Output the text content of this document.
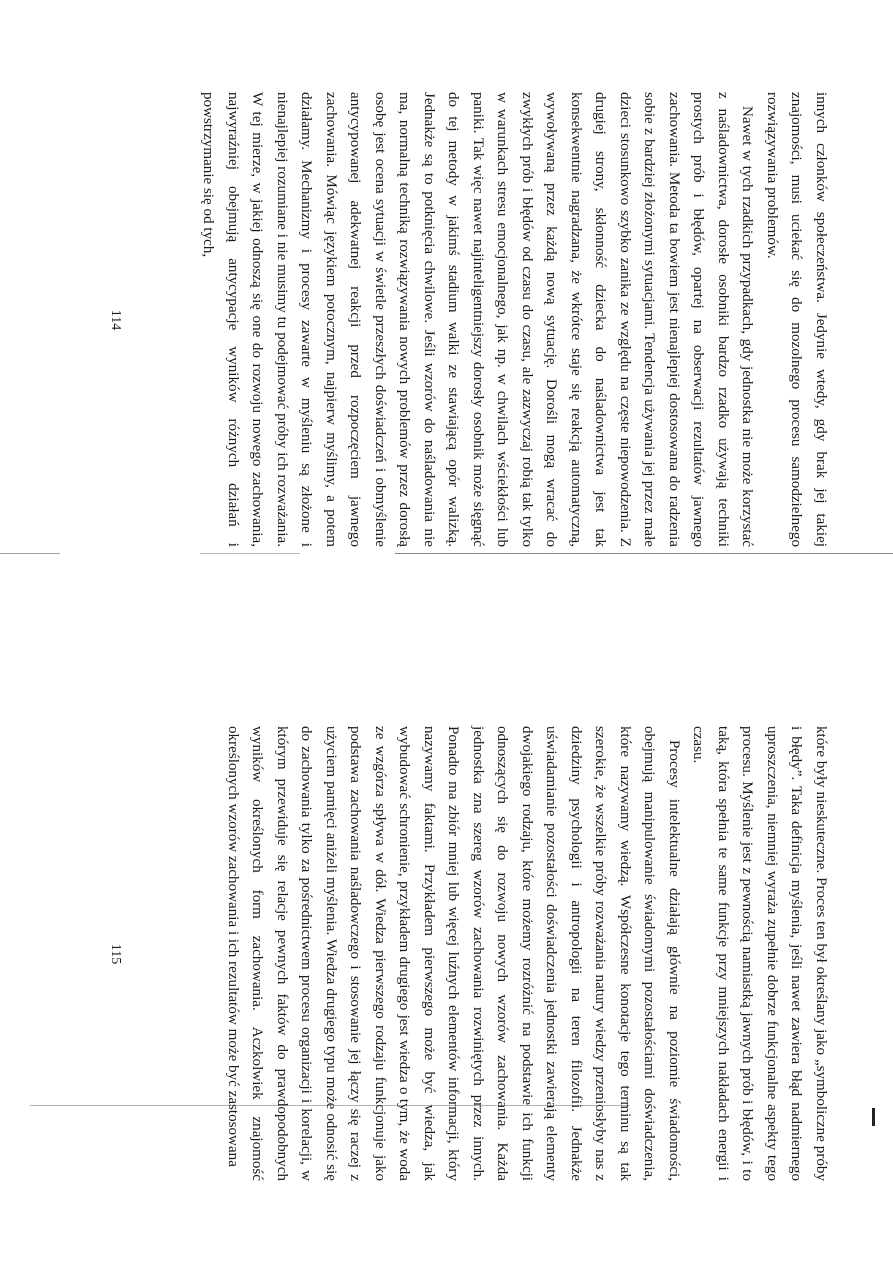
innych członków społeczeństwa. Jedynie wtedy, gdy brak jej takiej znajomości, musi uciekać się do mozolnego procesu samodzielnego rozwiązywania problemów.

Nawet w tych rzadkich przypadkach, gdy jednostka nie może korzystać z naśladownictwa, dorosłe osobniki bardzo rzadko używają techniki prostych prób i błędów, opartej na obserwacji rezultatów jawnego zachowania. Metoda ta bowiem jest nienajlepiej dostosowana do radzenia sobie z bardziej złożonymi sytuacjami. Tendencja używania jej przez małe dzieci stosunkowo szybko zanika ze względu na częste niepowodzenia. Z drugiej strony, skłonność dziecka do naśladownictwa jest tak konsekwentnie nagradzana, że wkrótce staje się reakcją automatyczną, wywoływaną przez każdą nową sytuację. Dorośli mogą wracać do zwykłych prób i błędów od czasu do czasu, ale zazwyczaj robią tak tylko w warunkach stresu emocjonalnego, jak np. w chwilach wściekłości lub paniki. Tak więc nawet najinteligentniejszy dorosły osobnik może sięgnąć do tej metody w jakimś stadium walki ze stawiającą opór walizką. Jednakże są to potknięcia chwilowe. Jeśli wzorów do naśladowania nie ma, normalną techniką rozwiązywania nowych problemów przez dorosłą osobę jest ocena sytuacji w świetle przeszłych doświadczeń i obmyślenie antycypowanej adekwatnej reakcji przed rozpoczęciem jawnego zachowania. Mówiąc językiem potocznym, najpierw myślimy, a potem działamy. Mechanizmy i procesy zawarte w myśleniu są złożone i nienajlepiej rozumiane i nie musimy tu podejmować próby ich rozważania. W tej mierze, w jakiej odnoszą się one do rozwoju nowego zachowania, najwyraźniej obejmują antycypacje wyników różnych działań i powstrzymanie się od tych,

114

które były nieskuteczne. Proces ten był określany jako „symboliczne próby i błędy”. Taka definicja myślenia, jeśli nawet zawiera błąd nadmiernego uproszczenia, niemniej wyraża zupełnie dobrze funkcjonalne aspekty tego procesu. Myślenie jest z pewnością namiastką jawnych prób i błędów, i to taką, która spełnia te same funkcje przy mniejszych nakładach energii i czasu.

Procesy intelektualne działają głównie na poziomie świadomości, obejmują manipulowanie świadomymi pozostałościami doświadczenia, które nazywamy wiedzą. Współczesne konotacje tego terminu są tak szerokie, że wszelkie próby rozważania natury wiedzy przeniosłyby nas z dziedziny psychologii i antropologii na teren filozofii. Jednakże uświadamianie pozostałości doświadczenia jednostki zawierają elementy dwojakiego rodzaju, które możemy rozróżnić na podstawie ich funkcji odnoszących się do rozwoju nowych wzorów zachowania. Każda jednostka zna szereg wzorów zachowania rozwiniętych przez innych. Ponadto ma zbiór mniej lub więcej luźnych elementów informacji, który nazywamy faktami. Przykładem pierwszego może być wiedza, jak wybudować schronienie, przykładem drugiego jest wiedza o tym, że woda ze wzgórza spływa w dół. Wiedza pierwszego rodzaju funkcjonuje jako podstawa zachowania naśladowczego i stosowanie jej łączy się raczej z użyciem pamięci aniżeli myślenia. Wiedza drugiego typu może odnosić się do zachowania tylko za pośrednictwem procesu organizacji i korelacji, w którym przewiduje się relacje pewnych faktów do prawdopodobnych wyników określonych form zachowania. Aczkolwiek znajomość określonych wzorów zachowania i ich rezultatów może być zastosowana

115
